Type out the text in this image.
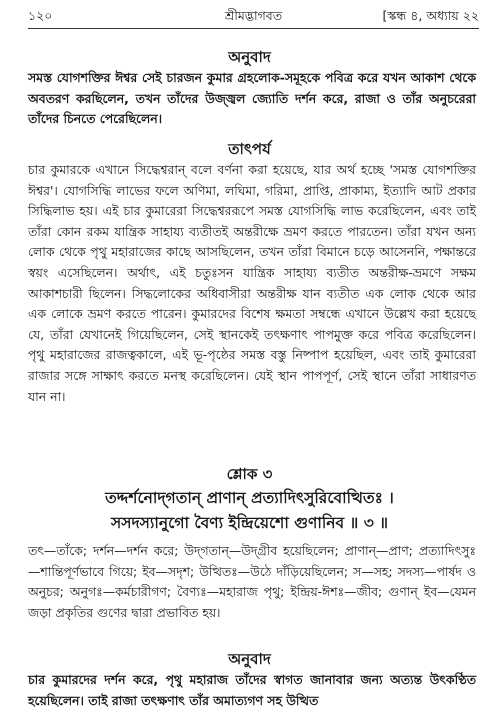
১২০	শ্রীমদ্ভাগবত	[স্কন্ধ ৪, অধ্যায় ২২
অনুবাদ
সমস্ত যোগশক্তির ঈশ্বর সেই চারজন কুমার গ্রহলোক-সমূহকে পবিত্র করে যখন আকাশ থেকে অবতরণ করছিলেন, তখন তাঁদের উজ্জ্বল জ্যোতি দর্শন করে, রাজা ও তাঁর অনুচরেরা তাঁদের চিনতে পেরেছিলেন।
তাৎপর্য
চার কুমারকে এখানে সিদ্ধেশ্বরান্‌ বলে বর্ণনা করা হয়েছে, যার অর্থ হচ্ছে 'সমস্ত যোগশক্তির ঈশ্বর'। যোগসিদ্ধি লাভের ফলে অণিমা, লঘিমা, গরিমা, প্রাপ্তি, প্রাকাম্য, ইত্যাদি আট প্রকার সিদ্ধিলাভ হয়। এই চার কুমারেরা সিদ্ধেশ্বররূপে সমস্ত যোগসিদ্ধি লাভ করেছিলেন, এবং তাই তাঁরা কোন রকম যান্ত্রিক সাহায্য ব্যতীতই অন্তরীক্ষে ভ্রমণ করতে পারতেন। তাঁরা যখন অন্য লোক থেকে পৃথু মহারাজের কাছে আসছিলেন, তখন তাঁরা বিমানে চড়ে আসেননি, পক্ষান্তরে স্বয়ং এসেছিলেন। অর্থাৎ, এই চতুঃসন যান্ত্রিক সাহায্য ব্যতীত অন্তরীক্ষ-ভ্রমণে সক্ষম আকাশচারী ছিলেন। সিদ্ধলোকের অধিবাসীরা অন্তরীক্ষ যান ব্যতীত এক লোক থেকে আর এক লোকে ভ্রমণ করতে পারেন। কুমারদের বিশেষ ক্ষমতা সম্বন্ধে এখানে উল্লেখ করা হয়েছে যে, তাঁরা যেখানেই গিয়েছিলেন, সেই স্থানকেই তৎক্ষণাৎ পাপমুক্ত করে পবিত্র করেছিলেন। পৃথু মহারাজের রাজত্বকালে, এই ভূ-পৃষ্ঠের সমস্ত বস্তু নিষ্পাপ হয়েছিল, এবং তাই কুমারেরা রাজার সঙ্গে সাক্ষাৎ করতে মনস্থ করেছিলেন। যেই স্থান পাপপূর্ণ, সেই স্থানে তাঁরা সাধারণত যান না।
শ্লোক ৩
তদ্দর্শনোদ্‌গতান্‌ প্রাণান্‌ প্রত্যাদিৎসুরিবোত্থিতঃ ।
সসদস্যানুগো বৈণ্য ইন্দ্রিয়েশো গুণানিব ॥ ৩ ॥
তৎ—তাঁকে; দর্শন—দর্শন করে; উদ্‌গতান্‌—উদ্‌গ্রীব হয়েছিলেন; প্রাণান্‌—প্রাণ; প্রত্যাদিৎসুঃ—শান্তিপূর্ণভাবে গিয়ে; ইব—সদৃশ; উত্থিতঃ—উঠে দাঁড়িয়েছিলেন; স—সহ; সদস্য—পার্ষদ ও অনুচর; অনুগঃ—কর্মচারীগণ; বৈণ্যঃ—মহারাজ পৃথু; ইন্দ্রিয়-ঈশঃ—জীব; গুণান্‌ ইব—যেমন জড়া প্রকৃতির গুণের দ্বারা প্রভাবিত হয়।
অনুবাদ
চার কুমারদের দর্শন করে, পৃথু মহারাজ তাঁদের স্বাগত জানাবার জন্য অত্যন্ত উৎকণ্ঠিত হয়েছিলেন। তাই রাজা তৎক্ষণাৎ তাঁর অমাত্যগণ সহ উত্থিত
